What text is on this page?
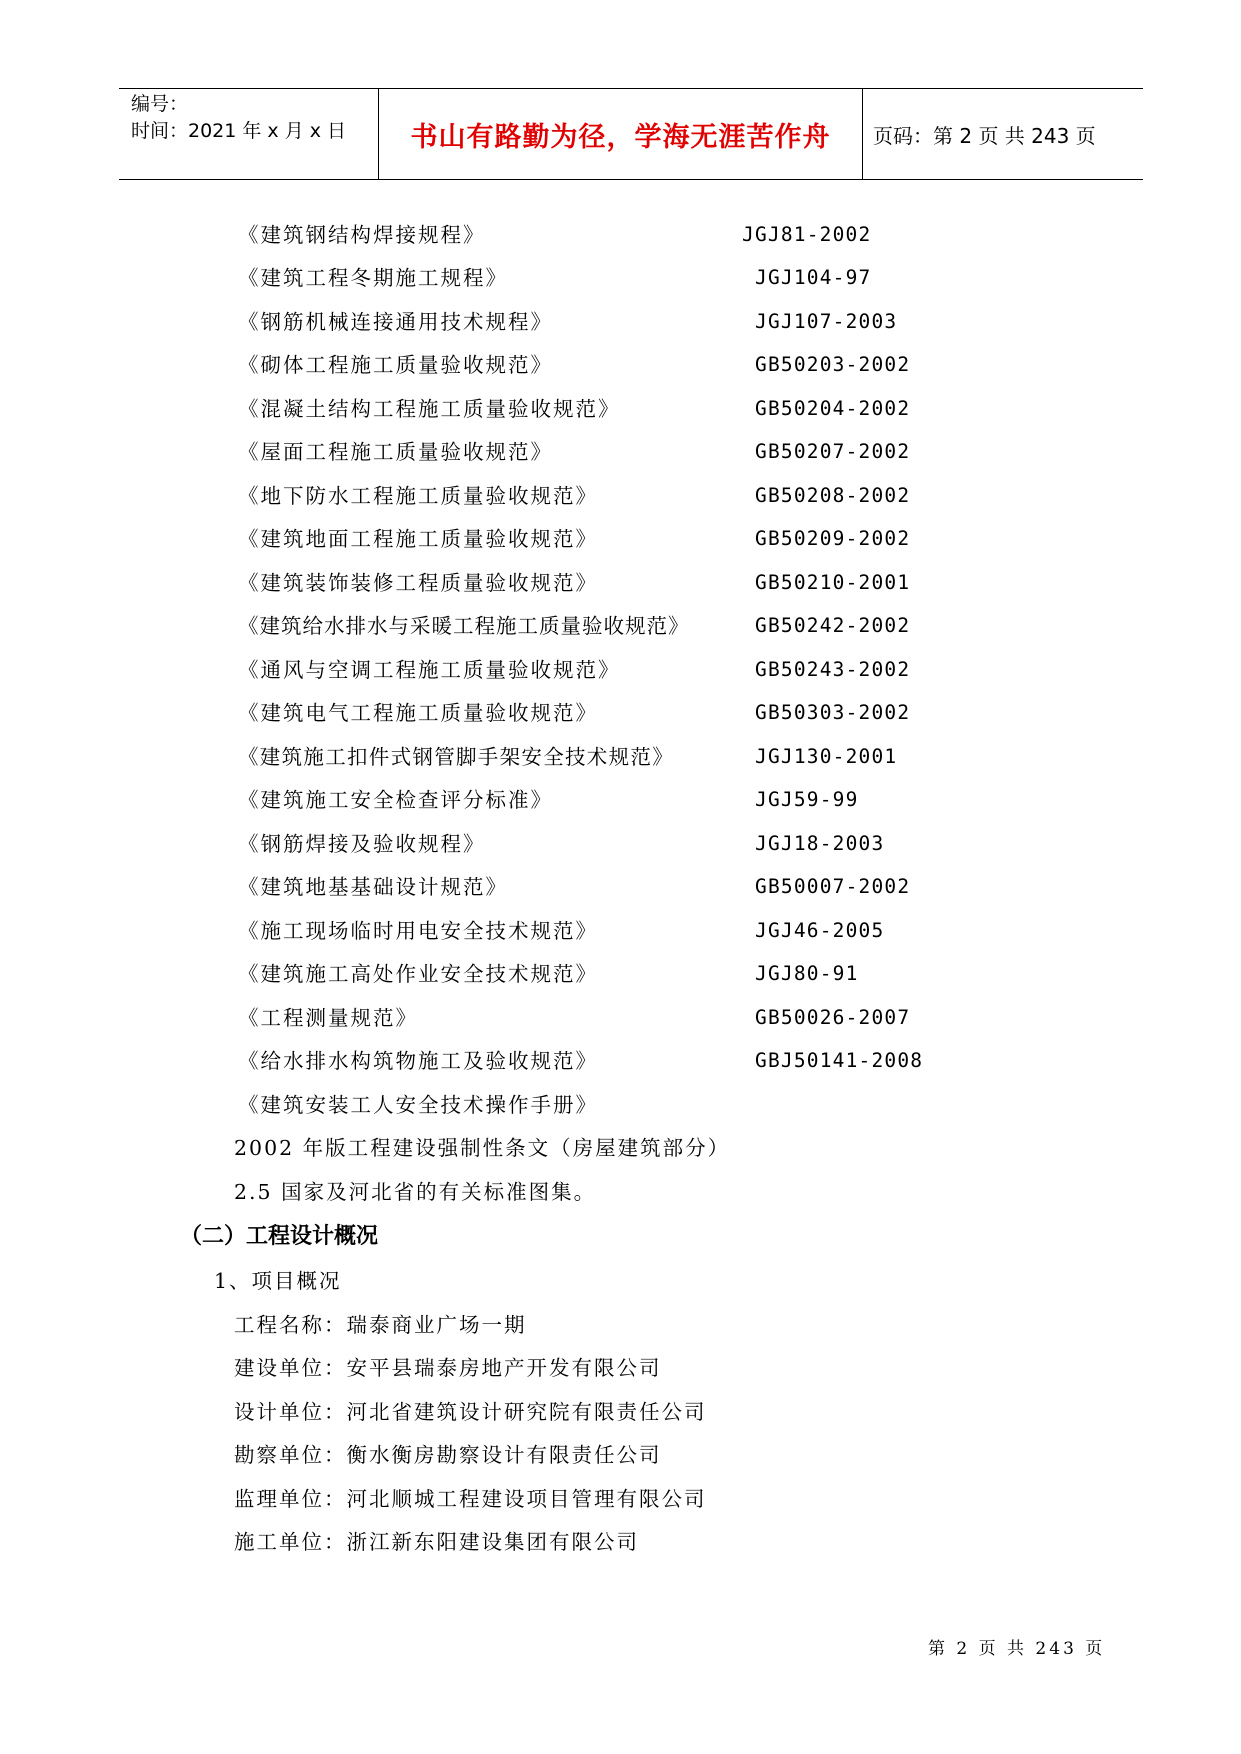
编号：
时间：2021 年 x 月 x 日	书山有路勤为径，学海无涯苦作舟	页码：第 2 页 共 243 页
《建筑钢结构焊接规程》	JGJ81-2002
《建筑工程冬期施工规程》	JGJ104-97
《钢筋机械连接通用技术规程》	JGJ107-2003
《砌体工程施工质量验收规范》	GB50203-2002
《混凝土结构工程施工质量验收规范》	GB50204-2002
《屋面工程施工质量验收规范》	GB50207-2002
《地下防水工程施工质量验收规范》	GB50208-2002
《建筑地面工程施工质量验收规范》	GB50209-2002
《建筑装饰装修工程质量验收规范》	GB50210-2001
《建筑给水排水与采暖工程施工质量验收规范》	GB50242-2002
《通风与空调工程施工质量验收规范》	GB50243-2002
《建筑电气工程施工质量验收规范》	GB50303-2002
《建筑施工扣件式钢管脚手架安全技术规范》	JGJ130-2001
《建筑施工安全检查评分标准》	JGJ59-99
《钢筋焊接及验收规程》	JGJ18-2003
《建筑地基基础设计规范》	GB50007-2002
《施工现场临时用电安全技术规范》	JGJ46-2005
《建筑施工高处作业安全技术规范》	JGJ80-91
《工程测量规范》	GB50026-2007
《给水排水构筑物施工及验收规范》	GBJ50141-2008
《建筑安装工人安全技术操作手册》
2002 年版工程建设强制性条文（房屋建筑部分）
2.5 国家及河北省的有关标准图集。
（二）工程设计概况
1、项目概况
工程名称：瑞泰商业广场一期
建设单位：安平县瑞泰房地产开发有限公司
设计单位：河北省建筑设计研究院有限责任公司
勘察单位：衡水衡房勘察设计有限责任公司
监理单位：河北顺城工程建设项目管理有限公司
施工单位：浙江新东阳建设集团有限公司
第 2 页 共 243 页
